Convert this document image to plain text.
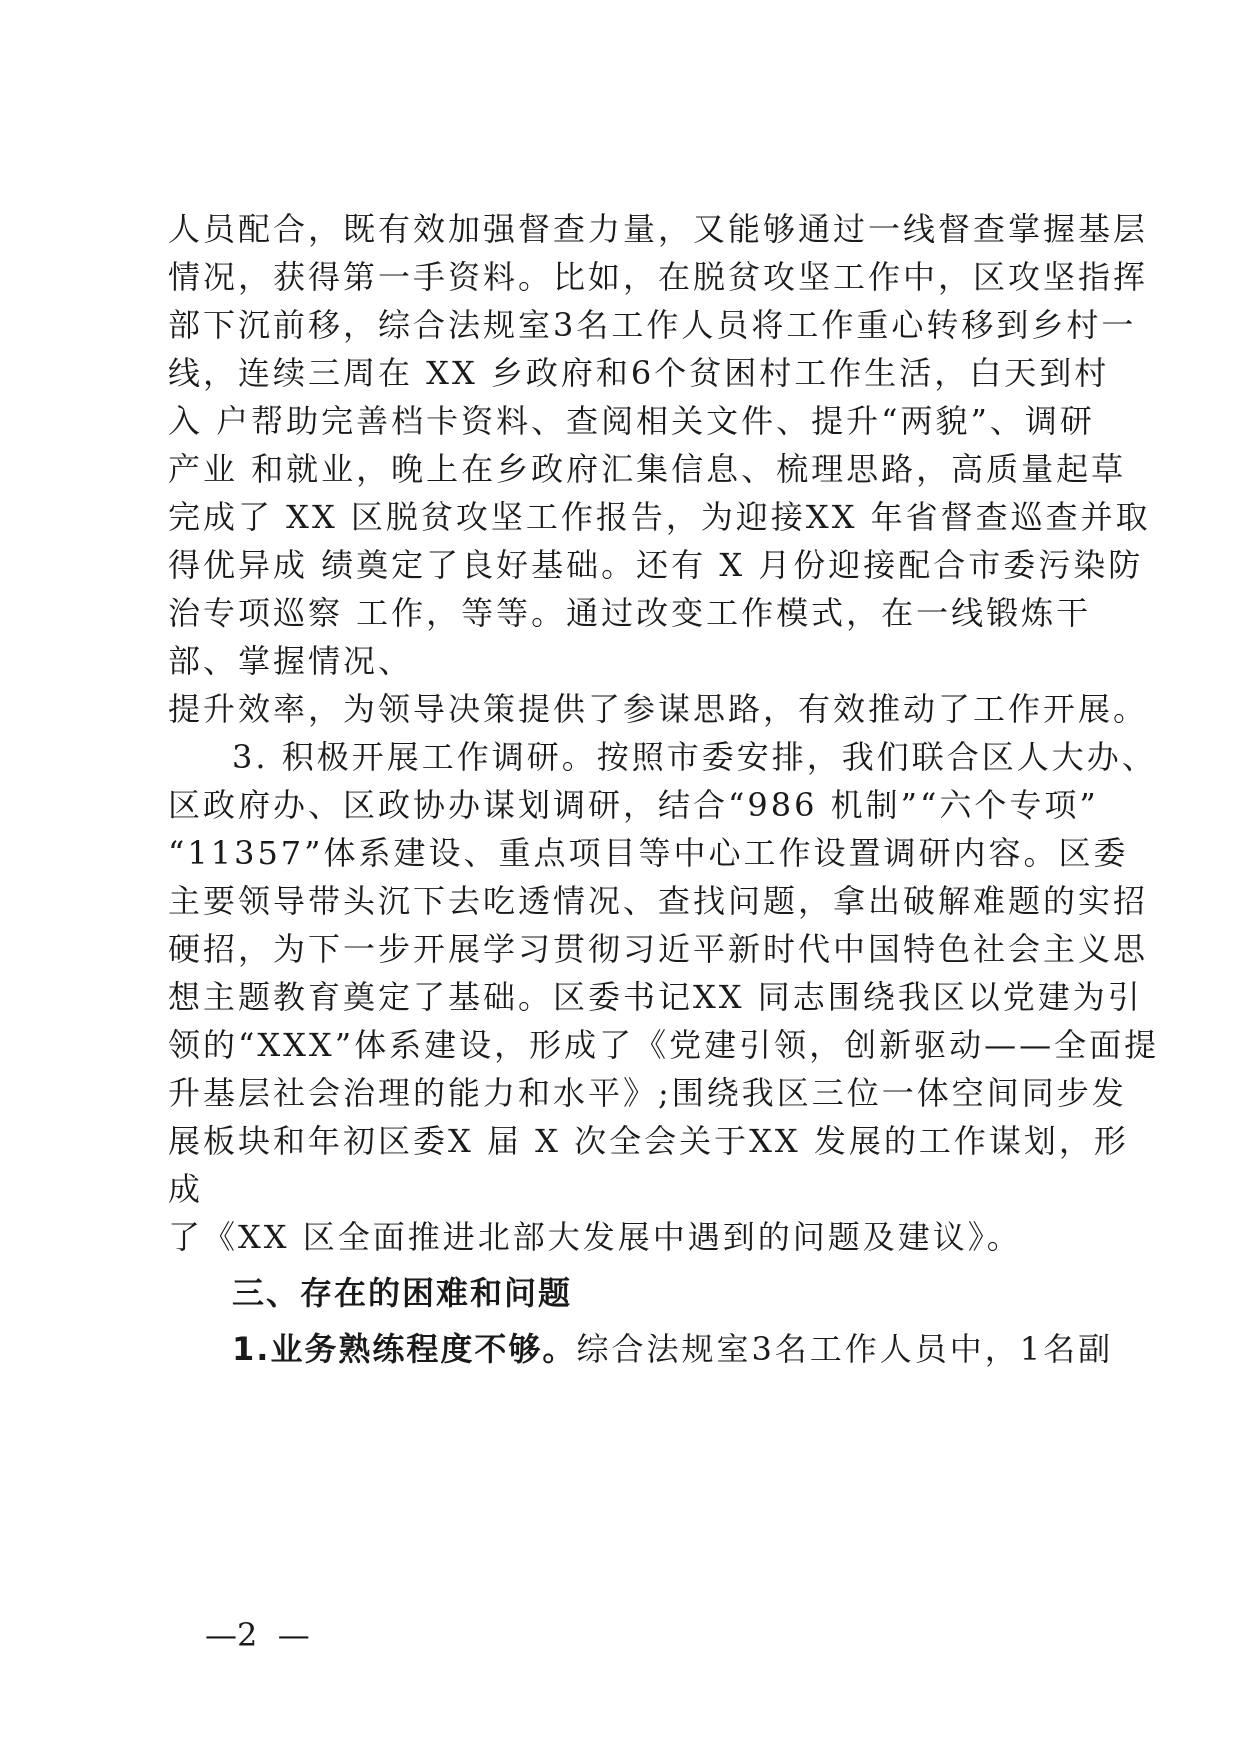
人员配合，既有效加强督查力量，又能够通过一线督查掌握基层
情况，获得第一手资料。比如，在脱贫攻坚工作中，区攻坚指挥
部下沉前移，综合法规室3名工作人员将工作重心转移到乡村一
线，连续三周在 XX 乡政府和6个贫困村工作生活，白天到村
入 户帮助完善档卡资料、查阅相关文件、提升“两貌”、调研
产业 和就业，晚上在乡政府汇集信息、梳理思路，高质量起草
完成了 XX 区脱贫攻坚工作报告，为迎接XX 年省督查巡查并取
得优异成 绩奠定了良好基础。还有 X 月份迎接配合市委污染防
治专项巡察 工作，等等。通过改变工作模式，在一线锻炼干
部、掌握情况、
提升效率，为领导决策提供了参谋思路，有效推动了工作开展。
3. 积极开展工作调研。按照市委安排，我们联合区人大办、
区政府办、区政协办谋划调研，结合“986 机制”“六个专项”
“11357”体系建设、重点项目等中心工作设置调研内容。区委
主要领导带头沉下去吃透情况、查找问题，拿出破解难题的实招
硬招，为下一步开展学习贯彻习近平新时代中国特色社会主义思
想主题教育奠定了基础。区委书记XX 同志围绕我区以党建为引
领的“XXX”体系建设，形成了《党建引领，创新驱动——全面提
升基层社会治理的能力和水平》;围绕我区三位一体空间同步发
展板块和年初区委X 届 X 次全会关于XX 发展的工作谋划，形
成
了《XX 区全面推进北部大发展中遇到的问题及建议》。
三、存在的困难和问题
1.业务熟练程度不够。综合法规室3名工作人员中，1名副
—2  —
